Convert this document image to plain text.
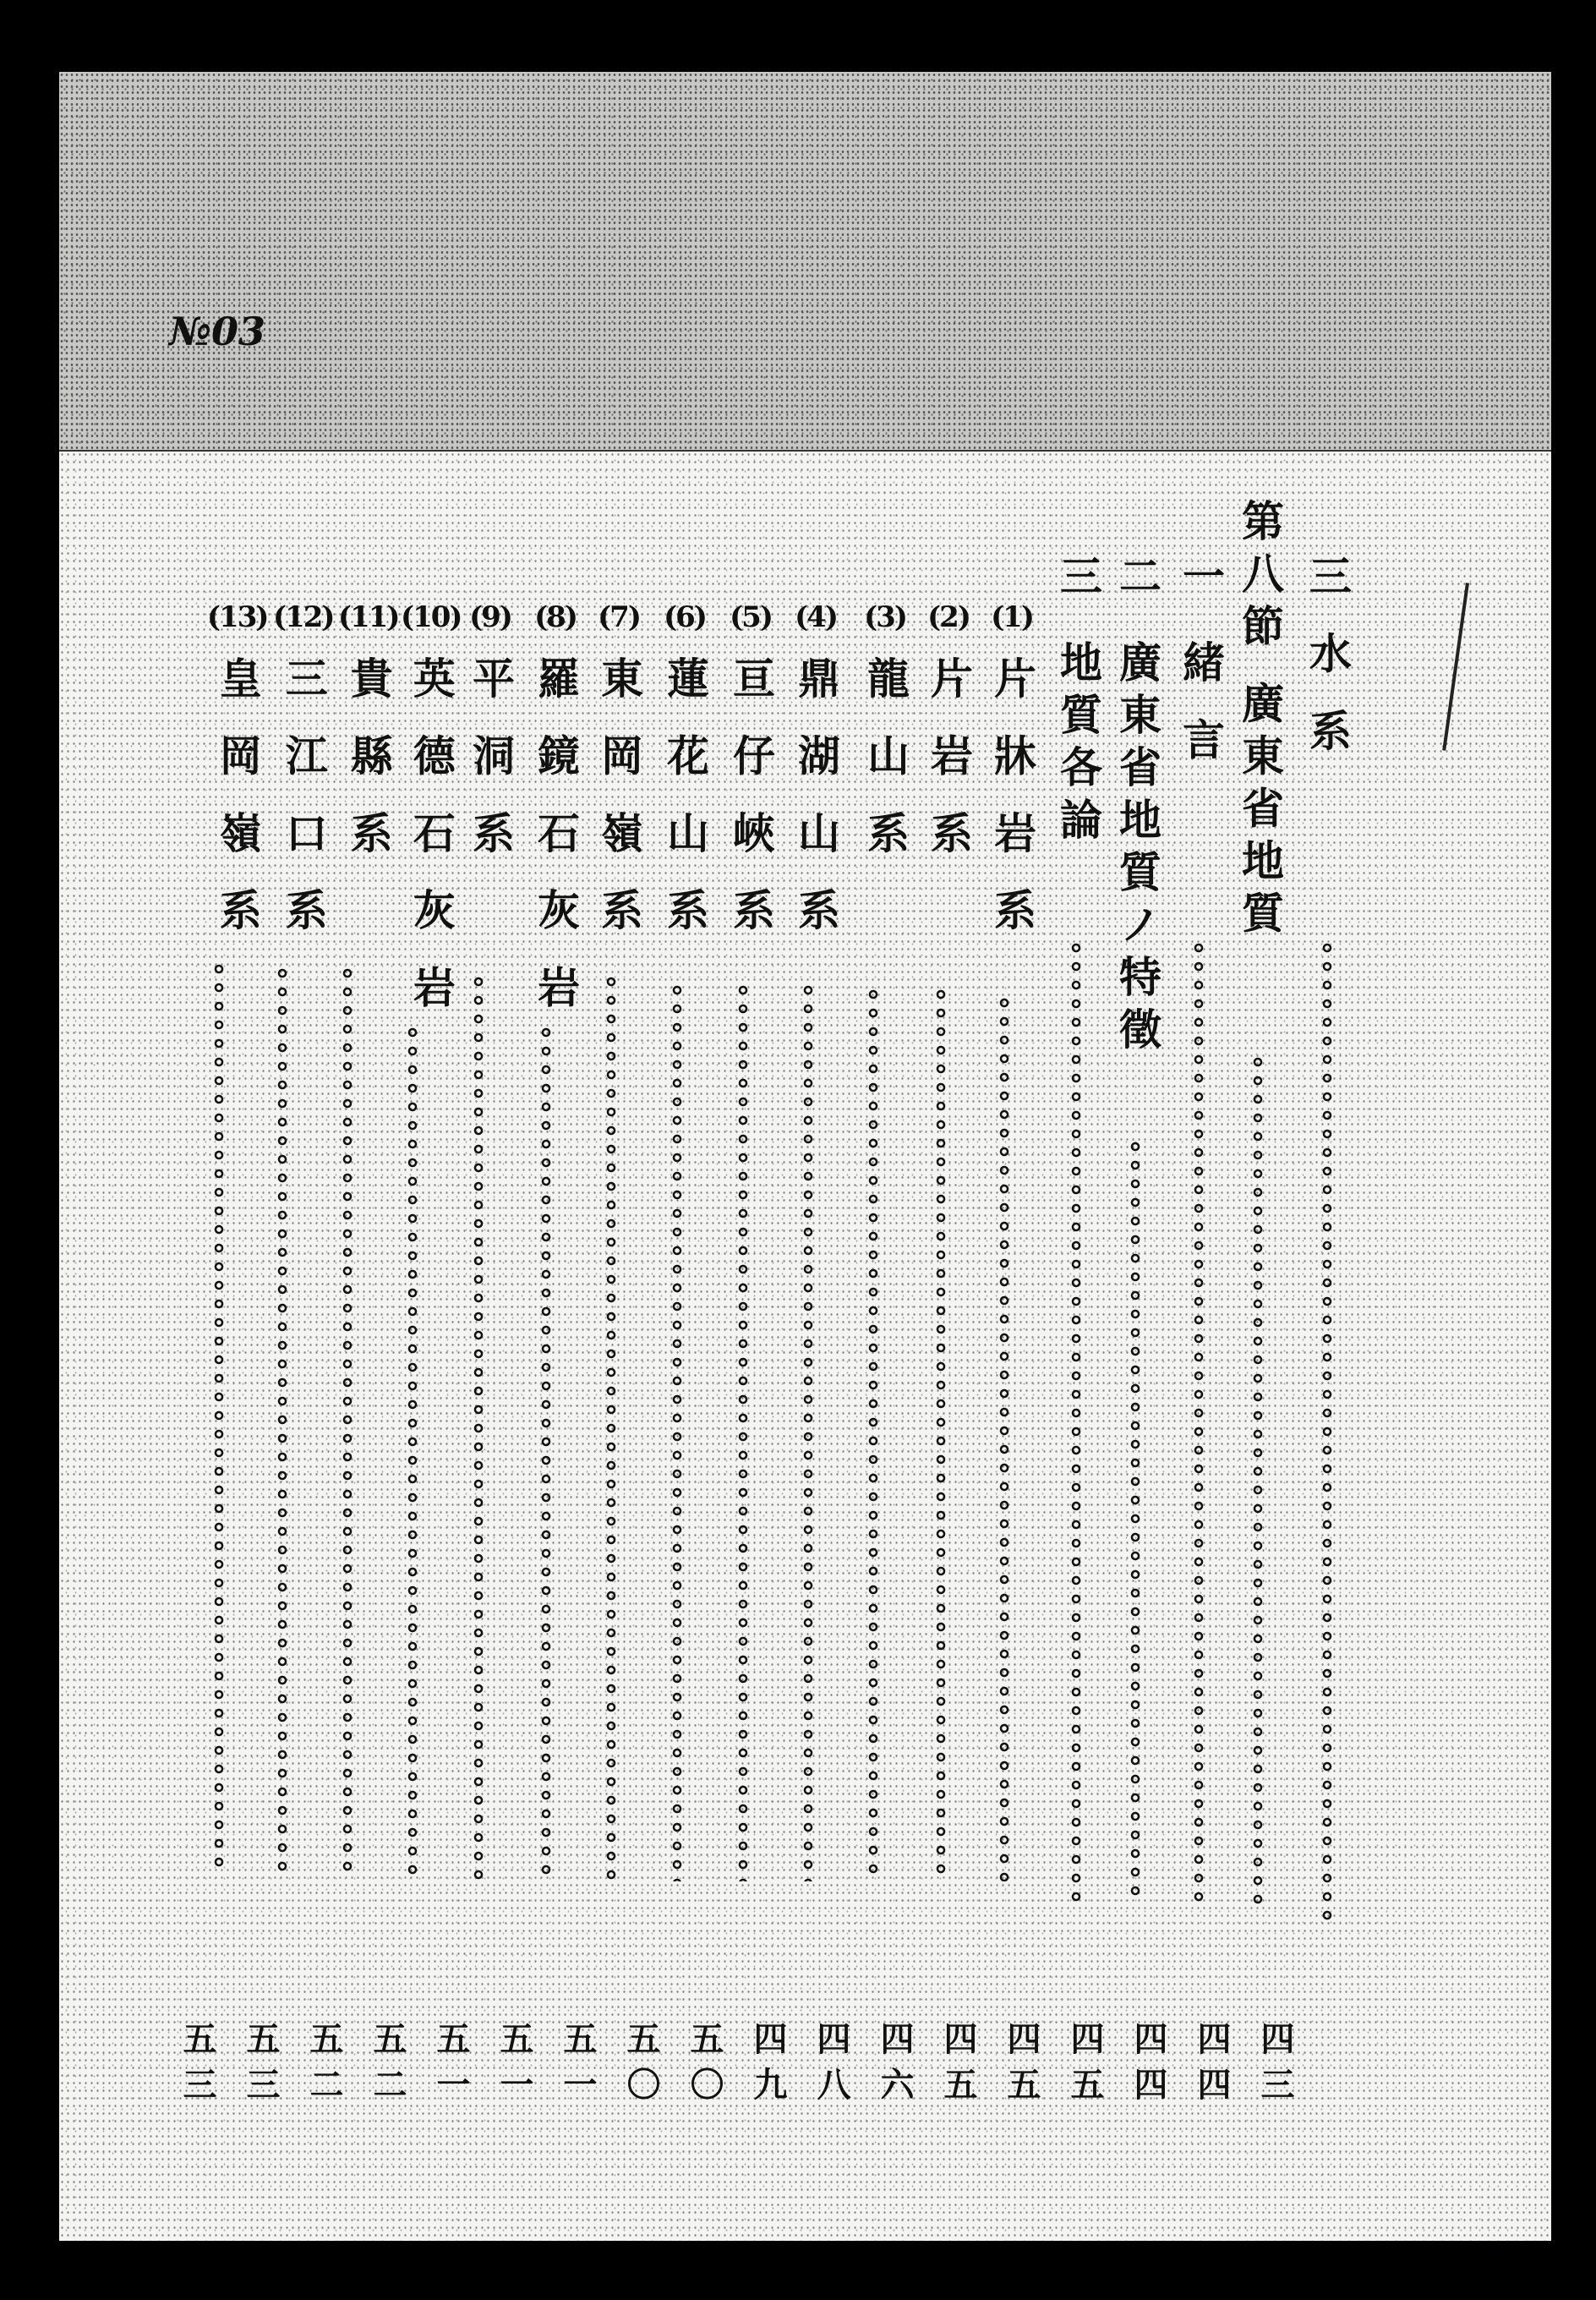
№03
三 水 系
第八節 廣東省地質
一
緒 言
二
廣東省地質ノ特徵
三
地質各論
(1)
片 牀 岩 系
(2)
片 岩 系
(3)
龍 山 系
(4)
鼎 湖 山 系
(5)
亘 仔 峽 系
(6)
蓮 花 山 系
(7)
東 岡 嶺 系
(8)
羅 鏡 石 灰 岩
(9)
平 洞 系
(10)
英 德 石 灰 岩
(11)
貴 縣 系
(12)
三 江 口 系
(13)
皇 岡 嶺 系
四三
四四
四四
四五
四五
四五
四六
四八
四九
五〇
五〇
五一
五一
五一
五二
五二
五三
五三
